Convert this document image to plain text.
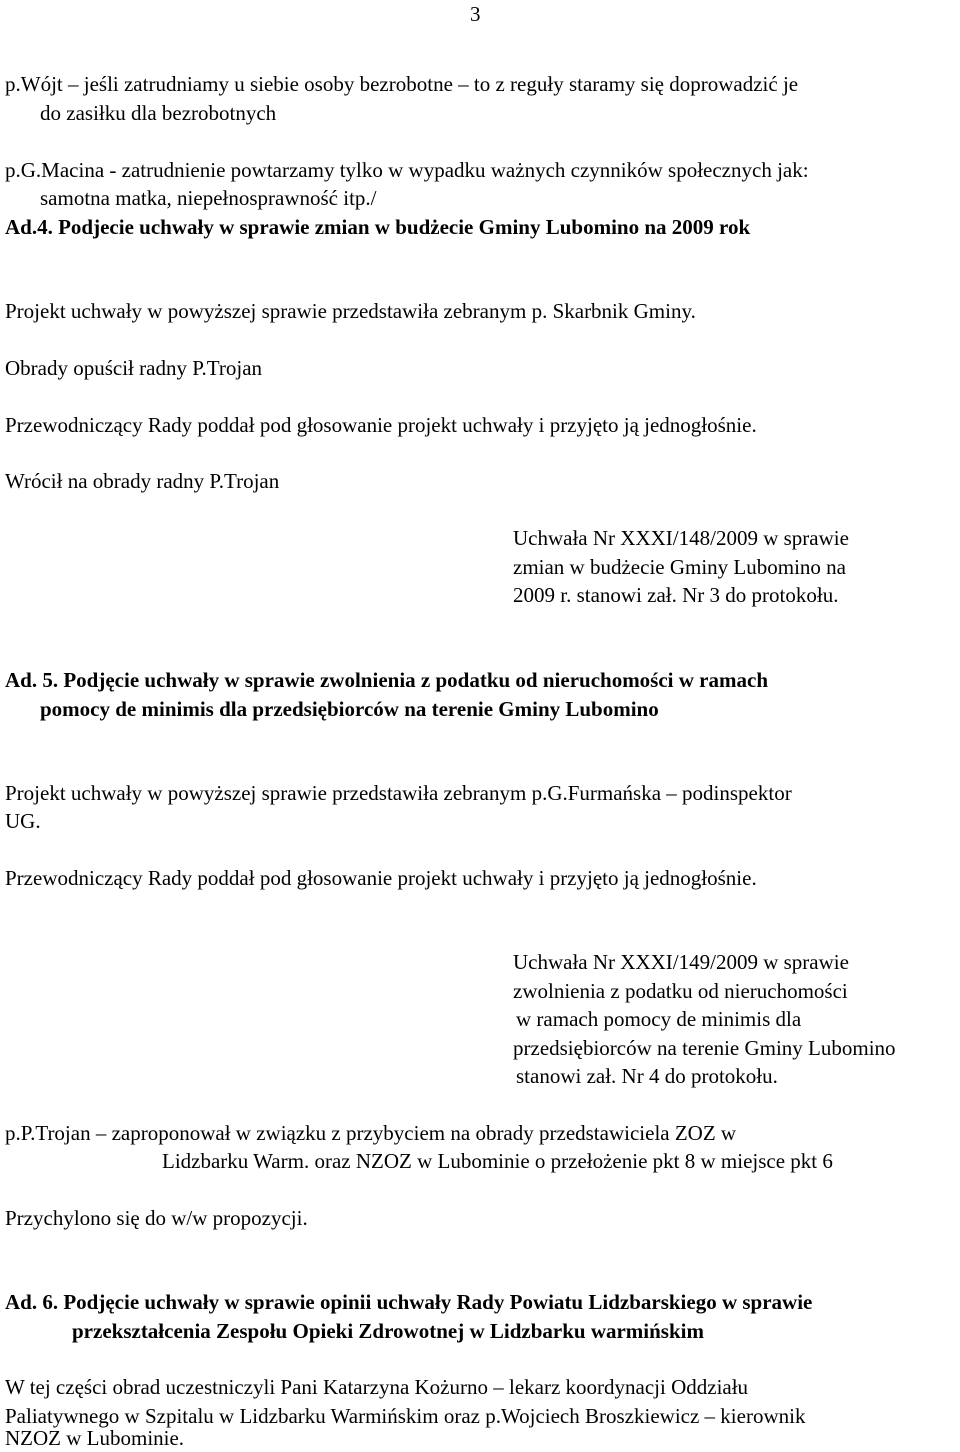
3

p.Wójt – jeśli zatrudniamy u siebie osoby bezrobotne – to z reguły staramy się doprowadzić je

do zasiłku dla bezrobotnych

p.G.Macina - zatrudnienie powtarzamy tylko w wypadku ważnych czynników społecznych jak:

samotna matka, niepełnosprawność itp./

Ad.4. Podjecie uchwały w sprawie zmian w budżecie Gminy Lubomino na 2009 rok

Projekt uchwały w powyższej sprawie przedstawiła zebranym p. Skarbnik Gminy.

Obrady opuścił radny P.Trojan

Przewodniczący Rady poddał pod głosowanie projekt uchwały i przyjęto ją jednogłośnie.

Wrócił na obrady radny P.Trojan

Uchwała Nr XXXI/148/2009 w sprawie

zmian w budżecie Gminy Lubomino na

2009 r. stanowi zał. Nr 3 do protokołu.

Ad. 5. Podjęcie uchwały w sprawie zwolnienia z podatku od nieruchomości w ramach

pomocy de minimis dla przedsiębiorców na terenie Gminy Lubomino

Projekt uchwały w powyższej sprawie przedstawiła zebranym p.G.Furmańska – podinspektor

UG.

Przewodniczący Rady poddał pod głosowanie projekt uchwały i przyjęto ją jednogłośnie.

Uchwała Nr XXXI/149/2009 w sprawie

zwolnienia z podatku od nieruchomości

w ramach pomocy de minimis dla

przedsiębiorców na terenie Gminy Lubomino

stanowi zał. Nr 4 do protokołu.

p.P.Trojan – zaproponował w związku z przybyciem na obrady przedstawiciela ZOZ w

Lidzbarku Warm. oraz NZOZ w Lubominie o przełożenie pkt 8 w miejsce pkt 6

Przychylono się do w/w propozycji.

Ad. 6. Podjęcie uchwały w sprawie opinii uchwały Rady Powiatu Lidzbarskiego w sprawie

przekształcenia Zespołu Opieki Zdrowotnej w Lidzbarku warmińskim

W tej części obrad uczestniczyli Pani Katarzyna Kożurno – lekarz koordynacji Oddziału

Paliatywnego w Szpitalu w Lidzbarku Warmińskim oraz p.Wojciech Broszkiewicz – kierownik

NZOZ w Lubominie.
